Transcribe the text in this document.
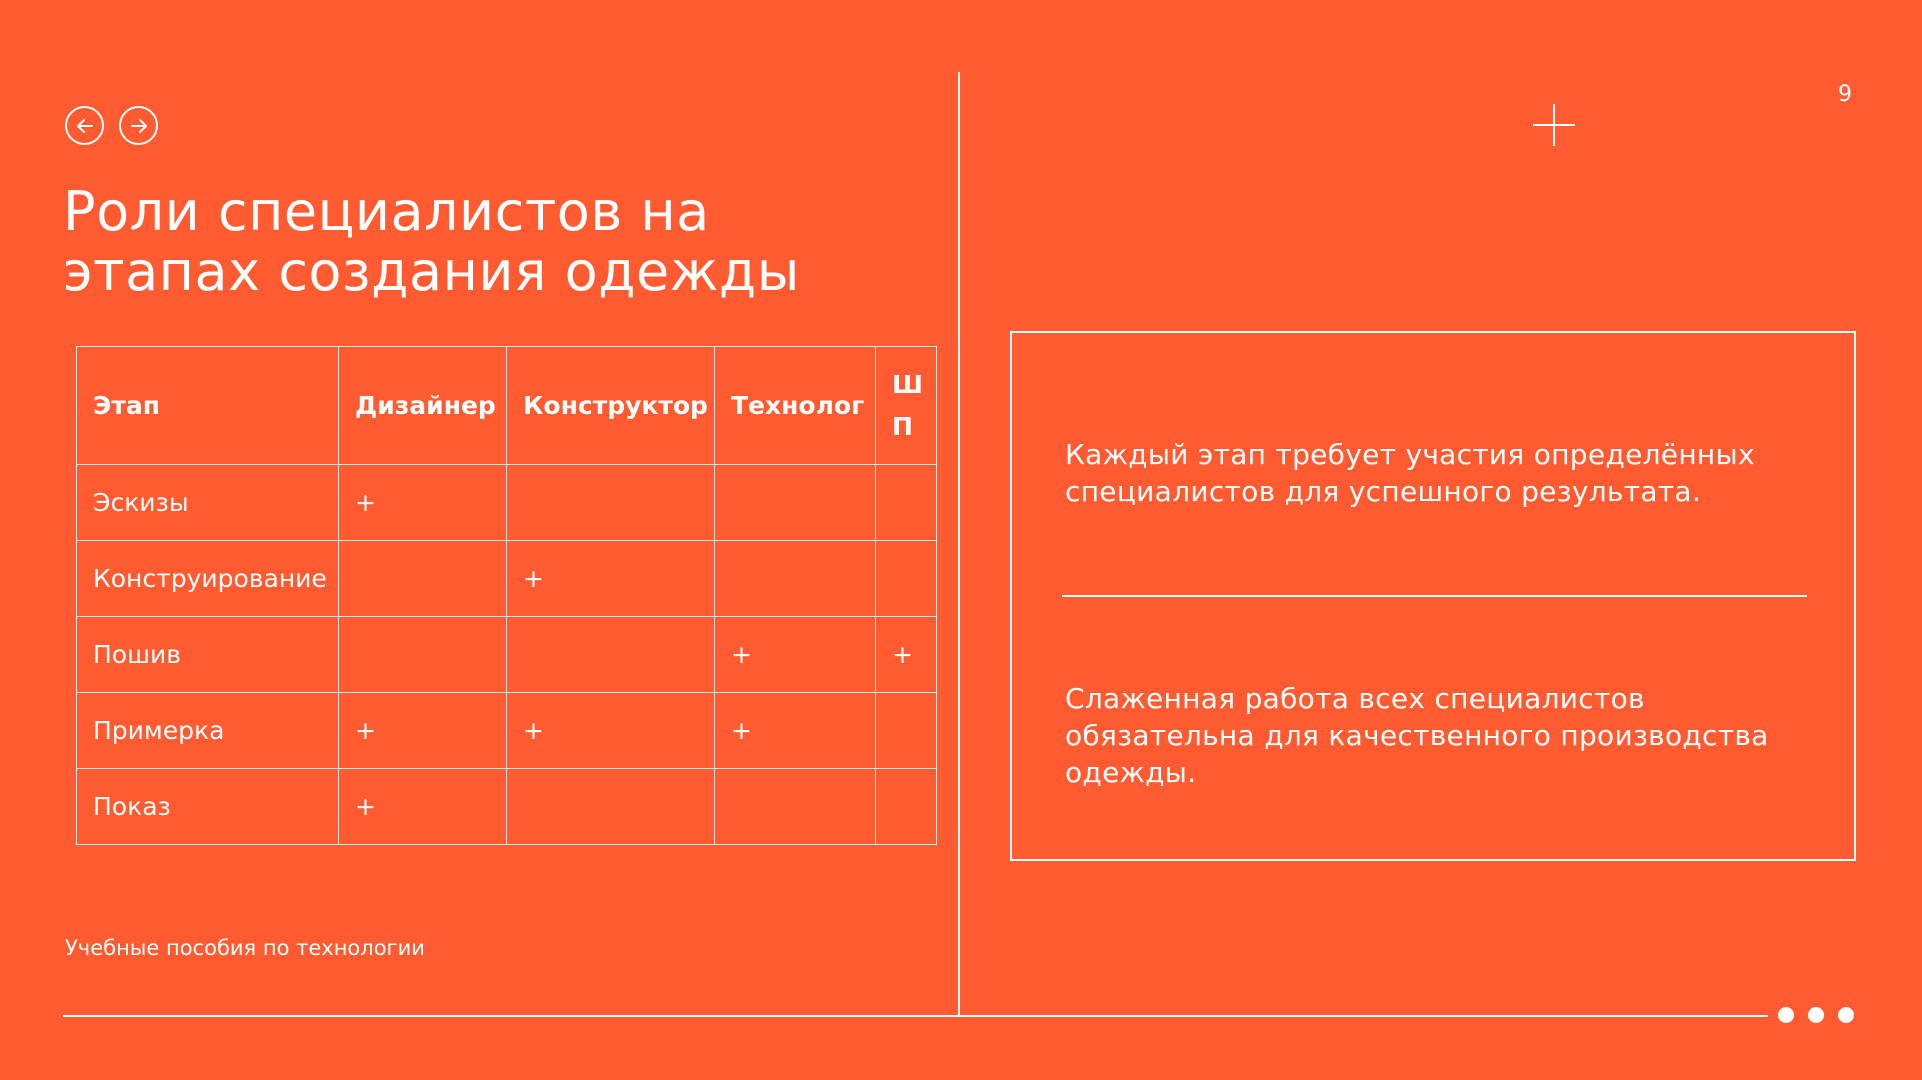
Роли специалистов на этапах создания одежды
Этап	Дизайнер	Конструктор	Технолог	Ш П
Эскизы	+			
Конструирование		+		
Пошив			+	+
Примерка	+	+	+	
Показ	+			
Учебные пособия по технологии
9
Каждый этап требует участия определённых специалистов для успешного результата.
Слаженная работа всех специалистов обязательна для качественного производства одежды.
